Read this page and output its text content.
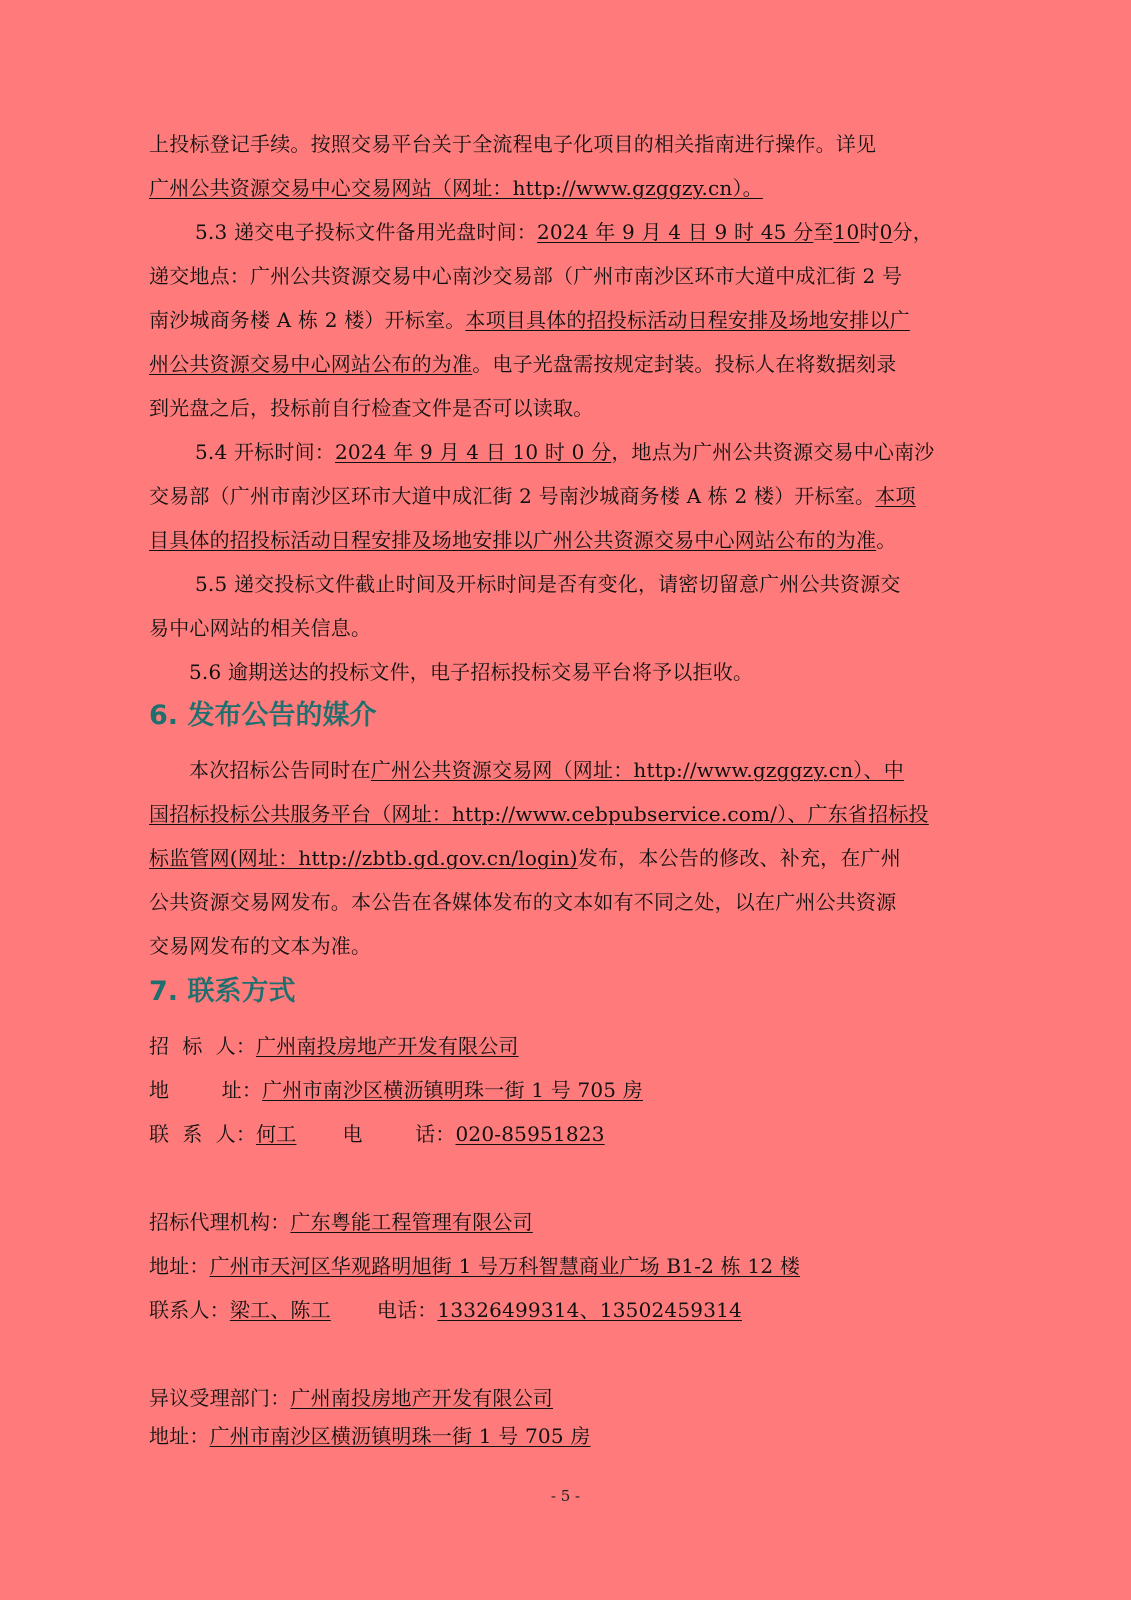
上投标登记手续。按照交易平台关于全流程电子化项目的相关指南进行操作。详见
广州公共资源交易中心交易网站（网址：http://www.gzggzy.cn）。
5.3 递交电子投标文件备用光盘时间：2024 年 9 月 4 日 9 时 45 分至10时0分，
递交地点：广州公共资源交易中心南沙交易部（广州市南沙区环市大道中成汇街 2 号
南沙城商务楼 A 栋 2 楼）开标室。本项目具体的招投标活动日程安排及场地安排以广
州公共资源交易中心网站公布的为准。电子光盘需按规定封装。投标人在将数据刻录
到光盘之后，投标前自行检查文件是否可以读取。
5.4 开标时间：2024 年 9 月 4 日 10 时 0 分，地点为广州公共资源交易中心南沙
交易部（广州市南沙区环市大道中成汇街 2 号南沙城商务楼 A 栋 2 楼）开标室。本项
目具体的招投标活动日程安排及场地安排以广州公共资源交易中心网站公布的为准。
5.5 递交投标文件截止时间及开标时间是否有变化，请密切留意广州公共资源交
易中心网站的相关信息。
5.6 逾期送达的投标文件，电子招标投标交易平台将予以拒收。
6. 发布公告的媒介
本次招标公告同时在广州公共资源交易网（网址：http://www.gzggzy.cn）、中
国招标投标公共服务平台（网址：http://www.cebpubservice.com/）、广东省招标投
标监管网(网址：http://zbtb.gd.gov.cn/login)发布，本公告的修改、补充，在广州
公共资源交易网发布。本公告在各媒体发布的文本如有不同之处，以在广州公共资源
交易网发布的文本为准。
7. 联系方式
招  标  人：广州南投房地产开发有限公司
地        址：广州市南沙区横沥镇明珠一街 1 号 705 房
联  系  人：何工 电        话：020-85951823
招标代理机构：广东粤能工程管理有限公司
地址：广州市天河区华观路明旭街 1 号万科智慧商业广场 B1-2 栋 12 楼
联系人：梁工、陈工 电话：13326499314、13502459314
异议受理部门：广州南投房地产开发有限公司
地址：广州市南沙区横沥镇明珠一街 1 号 705 房
- 5 -
